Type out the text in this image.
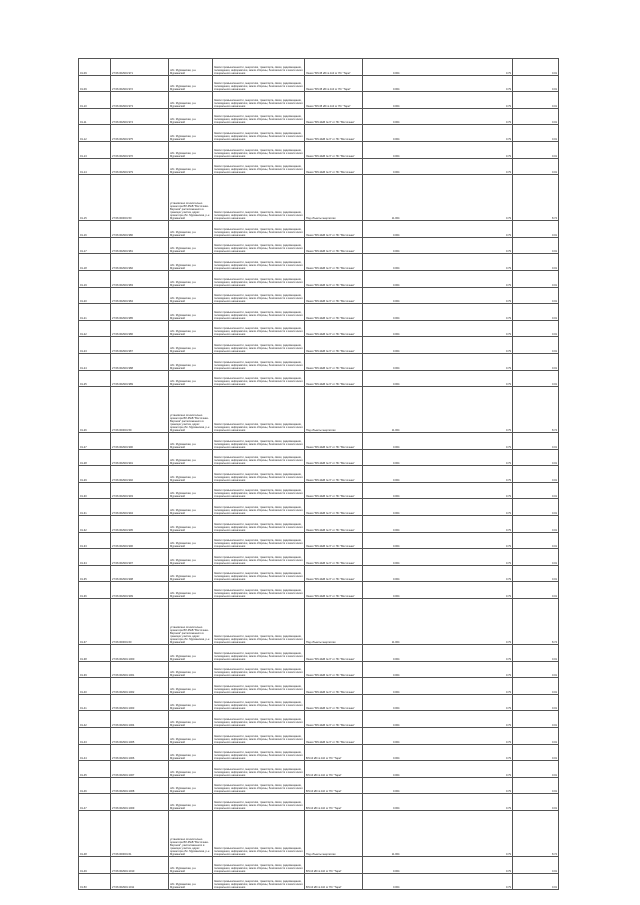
01-09	27:06:002901:971	обл. Мурманская, р-н Мурманский	Земли промышленности, энергетики, транспорта, связи, радиовещания, телевидения, информатики, земли обороны, безопасности и земли иного специального назначения	Линия "ВЛ-35 кВ № 110 от ПС "Тарм"	0.004		0.79	0.01
01-09	27:06:002901:972	обл. Мурманская, р-н Мурманский	Земли промышленности, энергетики, транспорта, связи, радиовещания, телевидения, информатики, земли обороны, безопасности и земли иного специального назначения	Линия "ВЛ-35 кВ № 110 от ПС "Тарм"	0.004		0.79	0.01
01-10	27:06:002901:973	обл. Мурманская, р-н Мурманский	Земли промышленности, энергетики, транспорта, связи, радиовещания, телевидения, информатики, земли обороны, безопасности и земли иного специального назначения	Линия "ВЛ-35 кВ № 110 от ПС "Тарм"	0.004		0.79	0.01
01-11	27:06:002901:974	обл. Мурманская, р-н Мурманский	Земли промышленности, энергетики, транспорта, связи, радиовещания, телевидения, информатики, земли обороны, безопасности и земли иного специального назначения	Линия "ВЛ-10кВ № 6" от ПС "Восточная"	0.004		0.79	0.01
01-12	27:06:002901:975	обл. Мурманская, р-н Мурманский	Земли промышленности, энергетики, транспорта, связи, радиовещания, телевидения, информатики, земли обороны, безопасности и земли иного специального назначения	Линия "ВЛ-10кВ № 6" от ПС "Восточная"	0.004		0.79	0.01
01-13	27:06:002901:976	обл. Мурманская, р-н Мурманский	Земли промышленности, энергетики, транспорта, связи, радиовещания, телевидения, информатики, земли обороны, безопасности и земли иного специального назначения	Линия "ВЛ-10кВ № 6" от ПС "Восточная"	0.004		0.79	0.01
01-14	27:06:002901:979	обл. Мурманская, р-н Мурманский	Земли промышленности, энергетики, транспорта, связи, радиовещания, телевидения, информатики, земли обороны, безопасности и земли иного специального назначения	Линия "ВЛ-10кВ № 6" от ПС "Восточная"	0.004		0.79	0.01
01-15	27:06:000001:50	установлено относительно ориентира ВЛ-35кВ "Восточная-Верхняя" расположенного в границах участка, адрес ориентира обл. Мурманская, р-н Мурманский	Земли промышленности, энергетики, транспорта, связи, радиовещания, телевидения, информатики, земли обороны, безопасности и земли иного специального назначения	Под объекты энергетики	11.004		0.79	8.74
01-16	27:06:002901:980	обл. Мурманская, р-н Мурманский	Земли промышленности, энергетики, транспорта, связи, радиовещания, телевидения, информатики, земли обороны, безопасности и земли иного специального назначения	Линия "ВЛ-10кВ № 6" от ПС "Восточная"	0.004		0.79	0.01
01-17	27:06:002901:981	обл. Мурманская, р-н Мурманский	Земли промышленности, энергетики, транспорта, связи, радиовещания, телевидения, информатики, земли обороны, безопасности и земли иного специального назначения	Линия "ВЛ-10кВ № 6" от ПС "Восточная"	0.004		0.79	0.01
01-18	27:06:002901:982	обл. Мурманская, р-н Мурманский	Земли промышленности, энергетики, транспорта, связи, радиовещания, телевидения, информатики, земли обороны, безопасности и земли иного специального назначения	Линия "ВЛ-10кВ № 6" от ПС "Восточная"	0.004		0.79	0.01
01-19	27:06:002901:983	обл. Мурманская, р-н Мурманский	Земли промышленности, энергетики, транспорта, связи, радиовещания, телевидения, информатики, земли обороны, безопасности и земли иного специального назначения	Линия "ВЛ-10кВ № 6" от ПС "Восточная"	0.004		0.79	0.01
01-20	27:06:002901:984	обл. Мурманская, р-н Мурманский	Земли промышленности, энергетики, транспорта, связи, радиовещания, телевидения, информатики, земли обороны, безопасности и земли иного специального назначения	Линия "ВЛ-10кВ № 6" от ПС "Восточная"	0.004		0.79	0.01
01-21	27:06:002901:985	обл. Мурманская, р-н Мурманский	Земли промышленности, энергетики, транспорта, связи, радиовещания, телевидения, информатики, земли обороны, безопасности и земли иного специального назначения	Линия "ВЛ-10кВ № 6" от ПС "Восточная"	0.004		0.79	0.01
01-22	27:06:002901:986	обл. Мурманская, р-н Мурманский	Земли промышленности, энергетики, транспорта, связи, радиовещания, телевидения, информатики, земли обороны, безопасности и земли иного специального назначения	Линия "ВЛ-10кВ № 6" от ПС "Восточная"	0.004		0.79	0.01
01-23	27:06:002901:987	обл. Мурманская, р-н Мурманский	Земли промышленности, энергетики, транспорта, связи, радиовещания, телевидения, информатики, земли обороны, безопасности и земли иного специального назначения	Линия "ВЛ-10кВ № 6" от ПС "Восточная"	0.004		0.79	0.01
01-24	27:06:002901:988	обл. Мурманская, р-н Мурманский	Земли промышленности, энергетики, транспорта, связи, радиовещания, телевидения, информатики, земли обороны, безопасности и земли иного специального назначения	Линия "ВЛ-10кВ № 6" от ПС "Восточная"	0.004		0.79	0.01
01-25	27:06:002901:989	обл. Мурманская, р-н Мурманский	Земли промышленности, энергетики, транспорта, связи, радиовещания, телевидения, информатики, земли обороны, безопасности и земли иного специального назначения	Линия "ВЛ-10кВ № 6" от ПС "Восточная"	0.004		0.79	0.01
01-26	27:06:000001:59	установлено относительно ориентира ВЛ-35кВ "Восточная-Верхняя" расположенного в границах участка, адрес ориентира обл. Мурманская, р-н Мурманский	Земли промышленности, энергетики, транспорта, связи, радиовещания, телевидения, информатики, земли обороны, безопасности и земли иного специального назначения	Под объекты энергетики	11.004		0.79	8.74
01-27	27:06:002901:990	обл. Мурманская, р-н Мурманский	Земли промышленности, энергетики, транспорта, связи, радиовещания, телевидения, информатики, земли обороны, безопасности и земли иного специального назначения	Линия "ВЛ-10кВ № 6" от ПС "Восточная"	0.004		0.79	0.01
01-28	27:06:002901:991	обл. Мурманская, р-н Мурманский	Земли промышленности, энергетики, транспорта, связи, радиовещания, телевидения, информатики, земли обороны, безопасности и земли иного специального назначения	Линия "ВЛ-10кВ № 6" от ПС "Восточная"	0.004		0.79	0.01
01-29	27:06:002901:992	обл. Мурманская, р-н Мурманский	Земли промышленности, энергетики, транспорта, связи, радиовещания, телевидения, информатики, земли обороны, безопасности и земли иного специального назначения	Линия "ВЛ-10кВ № 6" от ПС "Восточная"	0.004		0.79	0.01
01-30	27:06:002901:993	обл. Мурманская, р-н Мурманский	Земли промышленности, энергетики, транспорта, связи, радиовещания, телевидения, информатики, земли обороны, безопасности и земли иного специального назначения	Линия "ВЛ-10кВ № 6" от ПС "Восточная"	0.004		0.79	0.01
01-31	27:06:002901:994	обл. Мурманская, р-н Мурманский	Земли промышленности, энергетики, транспорта, связи, радиовещания, телевидения, информатики, земли обороны, безопасности и земли иного специального назначения	Линия "ВЛ-10кВ № 6" от ПС "Восточная"	0.004		0.79	0.01
01-32	27:06:002901:995	обл. Мурманская, р-н Мурманский	Земли промышленности, энергетики, транспорта, связи, радиовещания, телевидения, информатики, земли обороны, безопасности и земли иного специального назначения	Линия "ВЛ-10кВ № 6" от ПС "Восточная"	0.004		0.79	0.01
01-33	27:06:002901:996	обл. Мурманская, р-н Мурманский	Земли промышленности, энергетики, транспорта, связи, радиовещания, телевидения, информатики, земли обороны, безопасности и земли иного специального назначения	Линия "ВЛ-10кВ № 6" от ПС "Восточная"	0.004		0.79	0.01
01-34	27:06:002901:997	обл. Мурманская, р-н Мурманский	Земли промышленности, энергетики, транспорта, связи, радиовещания, телевидения, информатики, земли обороны, безопасности и земли иного специального назначения	Линия "ВЛ-10кВ № 6" от ПС "Восточная"	0.004		0.79	0.01
01-35	27:06:002901:998	обл. Мурманская, р-н Мурманский	Земли промышленности, энергетики, транспорта, связи, радиовещания, телевидения, информатики, земли обороны, безопасности и земли иного специального назначения	Линия "ВЛ-10кВ № 6" от ПС "Восточная"	0.004		0.79	0.01
01-36	27:06:002901:999	обл. Мурманская, р-н Мурманский	Земли промышленности, энергетики, транспорта, связи, радиовещания, телевидения, информатики, земли обороны, безопасности и земли иного специального назначения	Линия "ВЛ-10кВ № 6" от ПС "Восточная"	0.004		0.79	0.01
01-37	27:06:000001:60	установлено относительно ориентира ВЛ-35кВ "Восточная-Верхняя" расположенного в границах участка, адрес ориентира обл. Мурманская, р-н Мурманский	Земли промышленности, энергетики, транспорта, связи, радиовещания, телевидения, информатики, земли обороны, безопасности и земли иного специального назначения	Под объекты энергетики	11.004		0.79	8.74
01-38	27:06:002901:1000	обл. Мурманская, р-н Мурманский	Земли промышленности, энергетики, транспорта, связи, радиовещания, телевидения, информатики, земли обороны, безопасности и земли иного специального назначения	Линия "ВЛ-10кВ № 6" от ПС "Восточная"	0.004		0.79	0.01
01-39	27:06:002901:1001	обл. Мурманская, р-н Мурманский	Земли промышленности, энергетики, транспорта, связи, радиовещания, телевидения, информатики, земли обороны, безопасности и земли иного специального назначения	Линия "ВЛ-10кВ № 6" от ПС "Восточная"	0.004		0.79	0.01
01-40	27:06:002901:1002	обл. Мурманская, р-н Мурманский	Земли промышленности, энергетики, транспорта, связи, радиовещания, телевидения, информатики, земли обороны, безопасности и земли иного специального назначения	Линия "ВЛ-10кВ № 6" от ПС "Восточная"	0.004		0.79	0.01
01-41	27:06:002901:1003	обл. Мурманская, р-н Мурманский	Земли промышленности, энергетики, транспорта, связи, радиовещания, телевидения, информатики, земли обороны, безопасности и земли иного специального назначения	Линия "ВЛ-10кВ № 6" от ПС "Восточная"	0.004		0.79	0.01
01-42	27:06:002901:1004	обл. Мурманская, р-н Мурманский	Земли промышленности, энергетики, транспорта, связи, радиовещания, телевидения, информатики, земли обороны, безопасности и земли иного специального назначения	Линия "ВЛ-10кВ № 6" от ПС "Восточная"	0.004		0.79	0.01
01-43	27:06:002901:1005	обл. Мурманская, р-н Мурманский	Земли промышленности, энергетики, транспорта, связи, радиовещания, телевидения, информатики, земли обороны, безопасности и земли иного специального назначения	Линия "ВЛ-10кВ № 6" от ПС "Восточная"	0.004		0.79	0.01
01-44	27:06:002901:1006	обл. Мурманская, р-н Мурманский	Земли промышленности, энергетики, транспорта, связи, радиовещания, телевидения, информатики, земли обороны, безопасности и земли иного специального назначения	ВЛ-10 кВ № 110 от ПС "Тарм"	0.004		0.79	0.01
01-45	27:06:002901:1007	обл. Мурманская, р-н Мурманский	Земли промышленности, энергетики, транспорта, связи, радиовещания, телевидения, информатики, земли обороны, безопасности и земли иного специального назначения	ВЛ-10 кВ № 110 от ПС "Тарм"	0.004		0.79	0.01
01-46	27:06:002901:1008	обл. Мурманская, р-н Мурманский	Земли промышленности, энергетики, транспорта, связи, радиовещания, телевидения, информатики, земли обороны, безопасности и земли иного специального назначения	ВЛ-10 кВ № 110 от ПС "Тарм"	0.004		0.79	0.01
01-47	27:06:002901:1009	обл. Мурманская, р-н Мурманский	Земли промышленности, энергетики, транспорта, связи, радиовещания, телевидения, информатики, земли обороны, безопасности и земли иного специального назначения	ВЛ-10 кВ № 110 от ПС "Тарм"	0.004		0.79	0.01
01-48	27:06:000001:61	установлено относительно ориентира ВЛ-35кВ "Восточная-Верхняя", расположенного в границах участка, адрес ориентира обл. Мурманская, р-н Мурманский	Земли промышленности, энергетики, транспорта, связи, радиовещания, телевидения, информатики, земли обороны, безопасности и земли иного специального назначения	Под объекты энергетики	11.004		0.79	8.74
01-49	27:06:002901:1010	обл. Мурманская, р-н Мурманский	Земли промышленности, энергетики, транспорта, связи, радиовещания, телевидения, информатики, земли обороны, безопасности и земли иного специального назначения	ВЛ-10 кВ № 110 от ПС "Тарм"	0.004		0.79	0.01
01-50	27:06:002901:1011	обл. Мурманская, р-н Мурманский	Земли промышленности, энергетики, транспорта, связи, радиовещания, телевидения, информатики, земли обороны, безопасности и земли иного специального назначения	ВЛ-10 кВ № 110 от ПС "Тарм"	0.004		0.79	0.01
